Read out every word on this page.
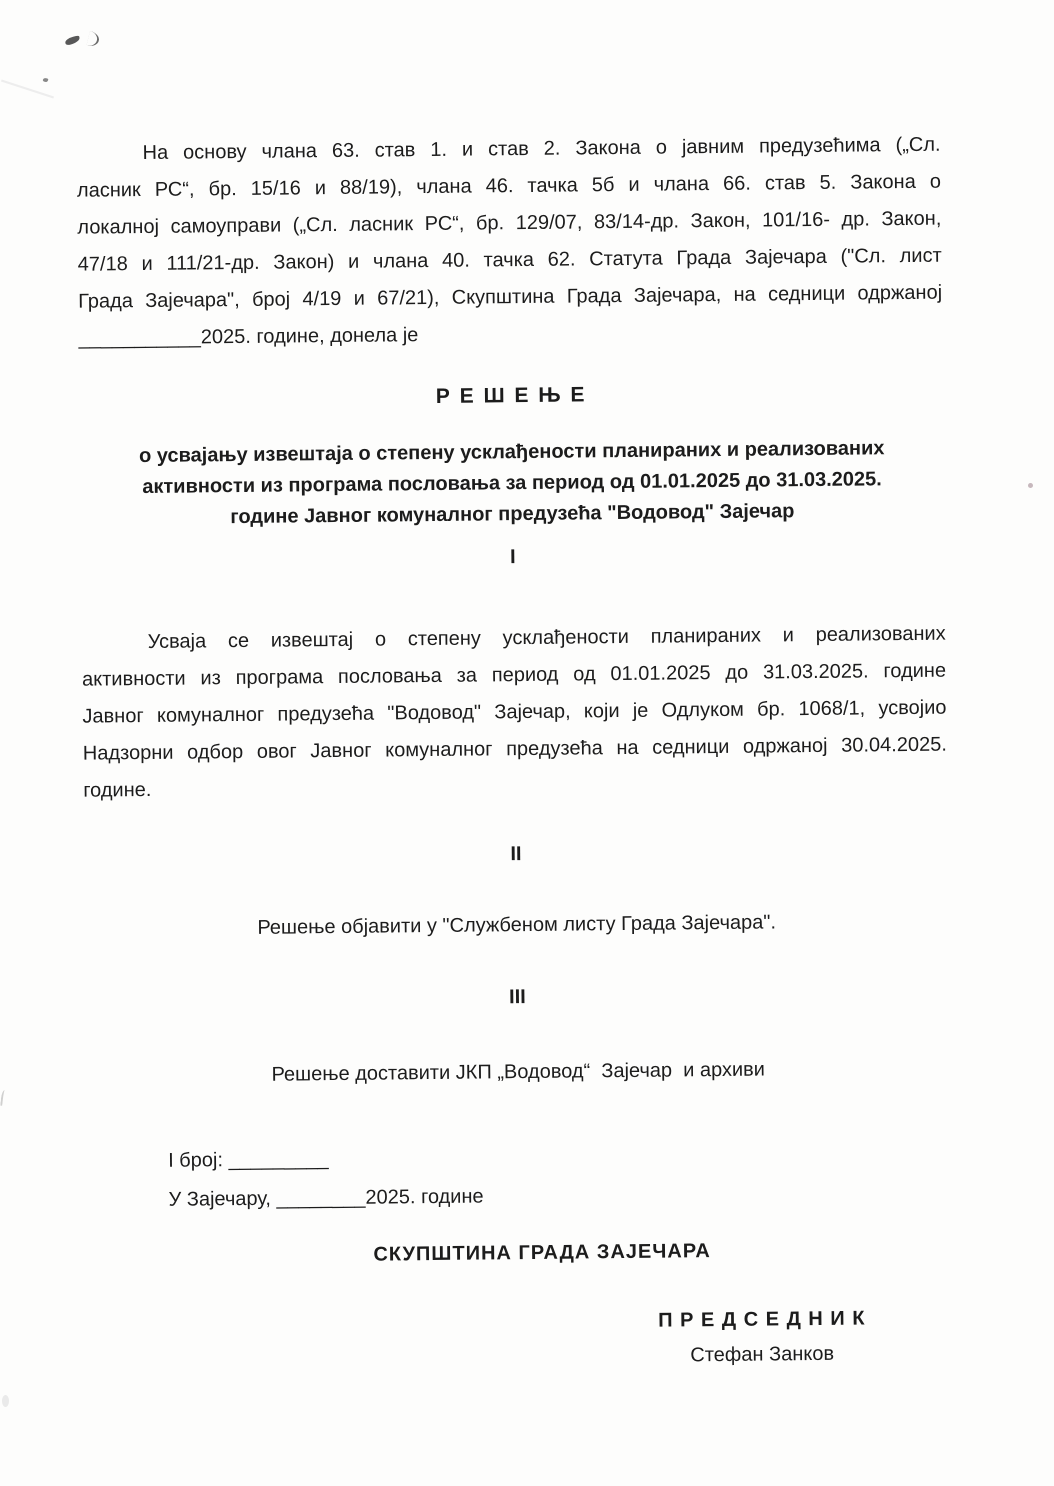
На основу члана 63. став 1. и став 2. Закона о јавним предузећима („Сл.
ласник РС“, бр. 15/16 и 88/19), члана 46. тачка 5б и члана 66. став 5. Закона о
локалној самоуправи („Сл. ласник РС“, бр. 129/07, 83/14-др. Закон, 101/16- др. Закон,
47/18 и 111/21-др. Закон) и члана 40. тачка 62. Статута Града Зајечара ("Сл. лист
Града Зајечара", број 4/19 и 67/21), Скупштина Града Зајечара, на седници одржаној
___________2025. године, донела је
Р Е Ш Е Њ Е
о усвајању извештаја о степену усклађености планираних и реализованих
активности из програма пословања за период од 01.01.2025 до 31.03.2025.
године Јавног комуналног предузећа "Водовод" Зајечар
I
Усваја се извештај о степену усклађености планираних и реализованих
активности из програма пословања за период од 01.01.2025 до 31.03.2025. године
Јавног комуналног предузећа "Водовод" Зајечар, који је Одлуком бр. 1068/1, усвојио
Надзорни одбор овог Јавног комуналног предузећа на седници одржаној 30.04.2025.
године.
II
Решење објавити у "Службеном листу Града Зајечара".
III
Решење доставити ЈКП „Водовод“  Зајечар  и архиви
I број: _________
У Зајечару, ________2025. године
СКУПШТИНА ГРАДА ЗАЈЕЧАРА
П Р Е Д С Е Д Н И К
Стефан Занков
